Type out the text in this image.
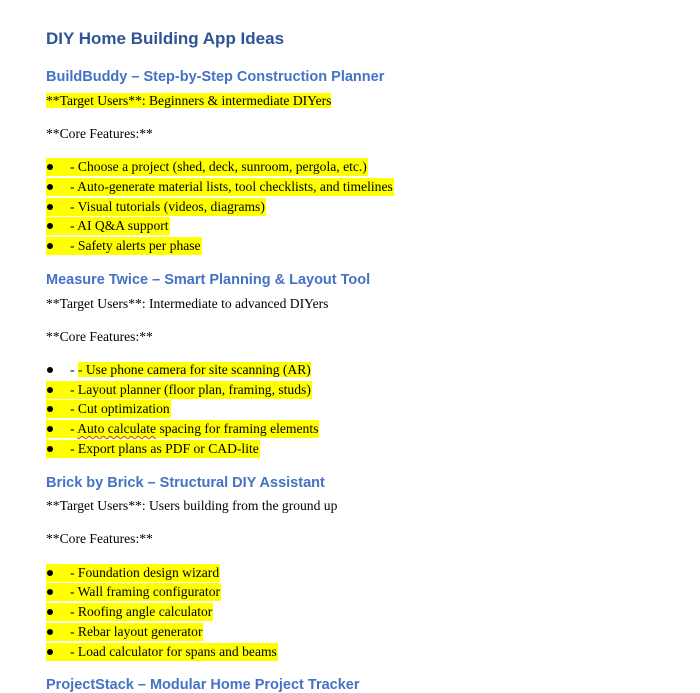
DIY Home Building App Ideas
BuildBuddy – Step-by-Step Construction Planner
**Target Users**: Beginners & intermediate DIYers
**Core Features:**
- Choose a project (shed, deck, sunroom, pergola, etc.)
- Auto-generate material lists, tool checklists, and timelines
- Visual tutorials (videos, diagrams)
- AI Q&A support
- Safety alerts per phase
Measure Twice – Smart Planning & Layout Tool
**Target Users**: Intermediate to advanced DIYers
**Core Features:**
- - Use phone camera for site scanning (AR)
- Layout planner (floor plan, framing, studs)
- Cut optimization
- Auto calculate spacing for framing elements
- Export plans as PDF or CAD-lite
Brick by Brick – Structural DIY Assistant
**Target Users**: Users building from the ground up
**Core Features:**
- Foundation design wizard
- Wall framing configurator
- Roofing angle calculator
- Rebar layout generator
- Load calculator for spans and beams
ProjectStack – Modular Home Project Tracker
